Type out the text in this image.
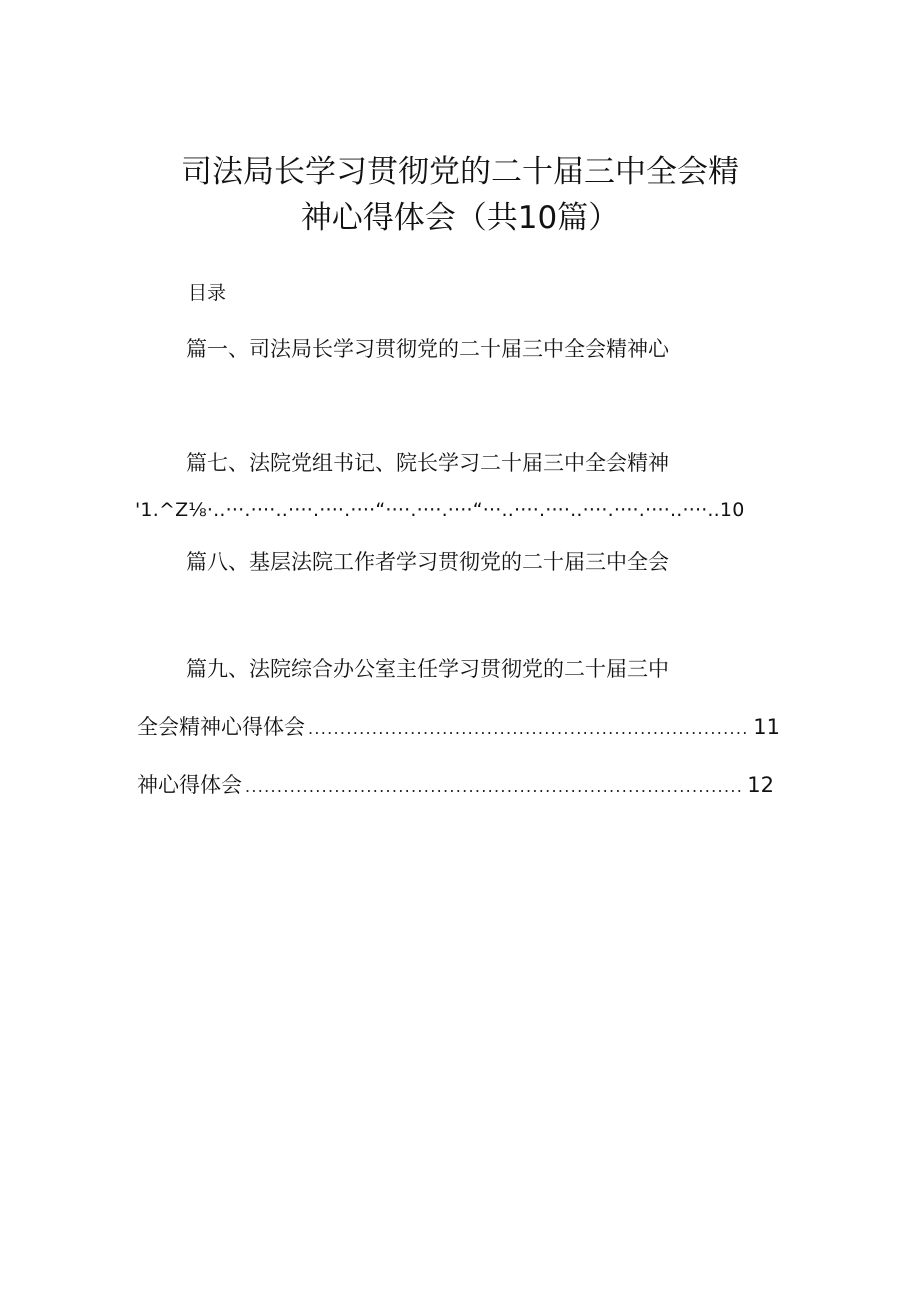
司法局长学习贯彻党的二十届三中全会精
神心得体会（共10篇）
目录
篇一、司法局长学习贯彻党的二十届三中全会精神心
篇七、法院党组书记、院长学习二十届三中全会精神
'1.^Z⅛·..···.····..····.····.····“····.····.····“···..····.····..····.····.····..····..10
篇八、基层法院工作者学习贯彻党的二十届三中全会
篇九、法院综合办公室主任学习贯彻党的二十届三中
全会精神心得体会 .....	11
神心得体会 .....	12
